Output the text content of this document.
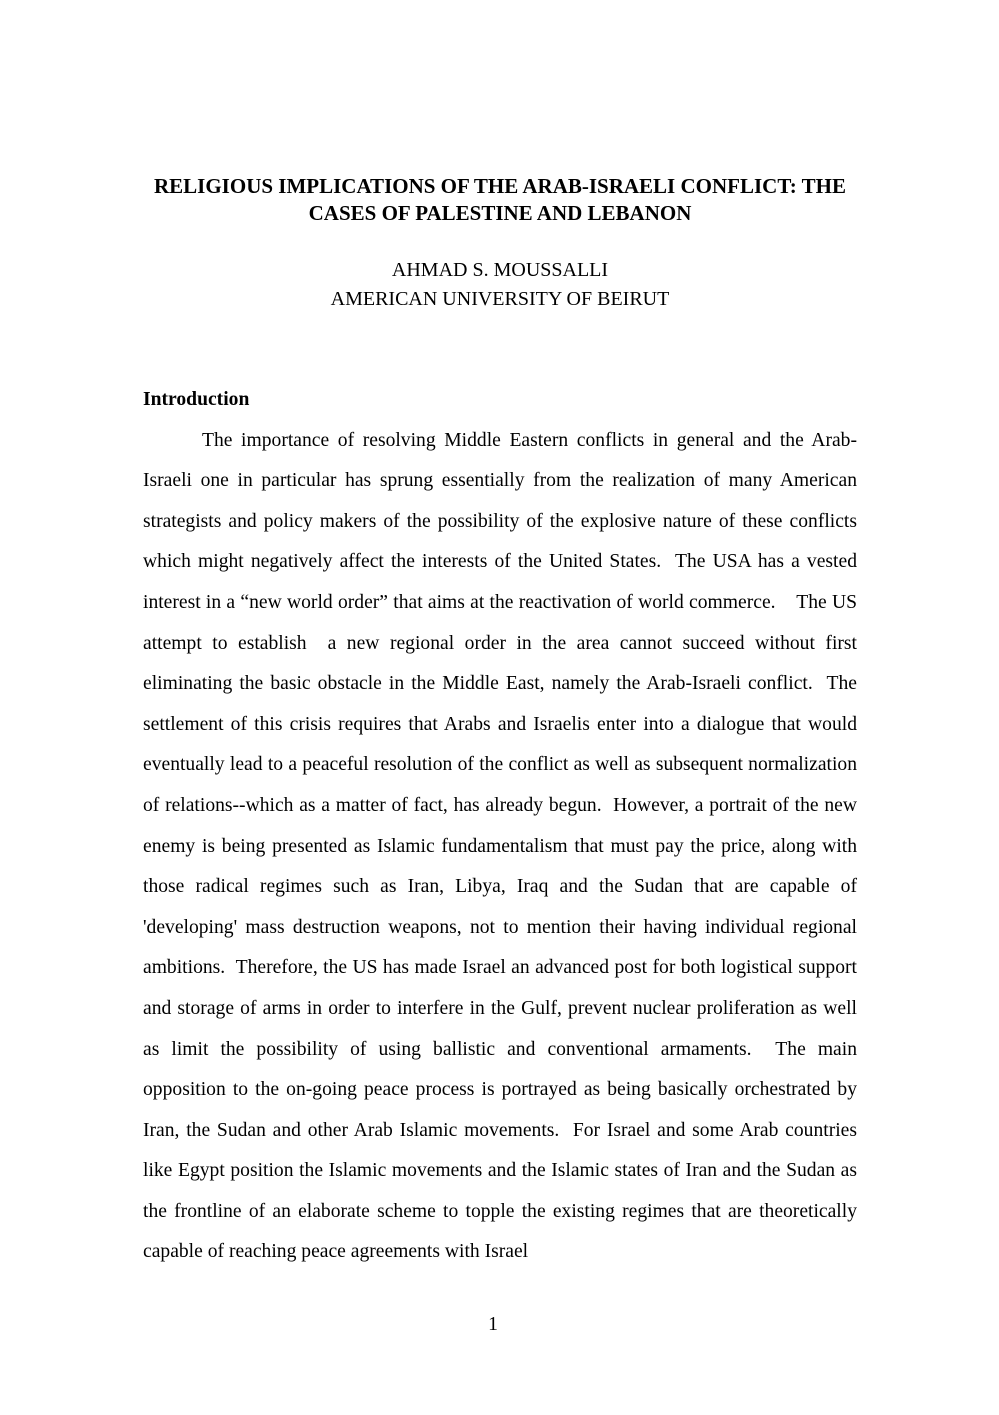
RELIGIOUS IMPLICATIONS OF THE ARAB-ISRAELI CONFLICT: THE
CASES OF PALESTINE AND LEBANON
AHMAD S. MOUSSALLI
AMERICAN UNIVERSITY OF BEIRUT
Introduction
The importance of resolving Middle Eastern conflicts in general and the Arab-Israeli one in particular has sprung essentially from the realization of many American strategists and policy makers of the possibility of the explosive nature of these conflicts which might negatively affect the interests of the United States.  The USA has a vested interest in a “new world order” that aims at the reactivation of world commerce.    The US attempt to establish  a new regional order in the area cannot succeed without first eliminating the basic obstacle in the Middle East, namely the Arab-Israeli conflict.  The settlement of this crisis requires that Arabs and Israelis enter into a dialogue that would eventually lead to a peaceful resolution of the conflict as well as subsequent normalization of relations--which as a matter of fact, has already begun.  However, a portrait of the new enemy is being presented as Islamic fundamentalism that must pay the price, along with those radical regimes such as Iran, Libya, Iraq and the Sudan that are capable of 'developing' mass destruction weapons, not to mention their having individual regional ambitions.  Therefore, the US has made Israel an advanced post for both logistical support and storage of arms in order to interfere in the Gulf, prevent nuclear proliferation as well as limit the possibility of using ballistic and conventional armaments.  The main opposition to the on-going peace process is portrayed as being basically orchestrated by Iran, the Sudan and other Arab Islamic movements.  For Israel and some Arab countries like Egypt position the Islamic movements and the Islamic states of Iran and the Sudan as the frontline of an elaborate scheme to topple the existing regimes that are theoretically capable of reaching peace agreements with Israel
1
